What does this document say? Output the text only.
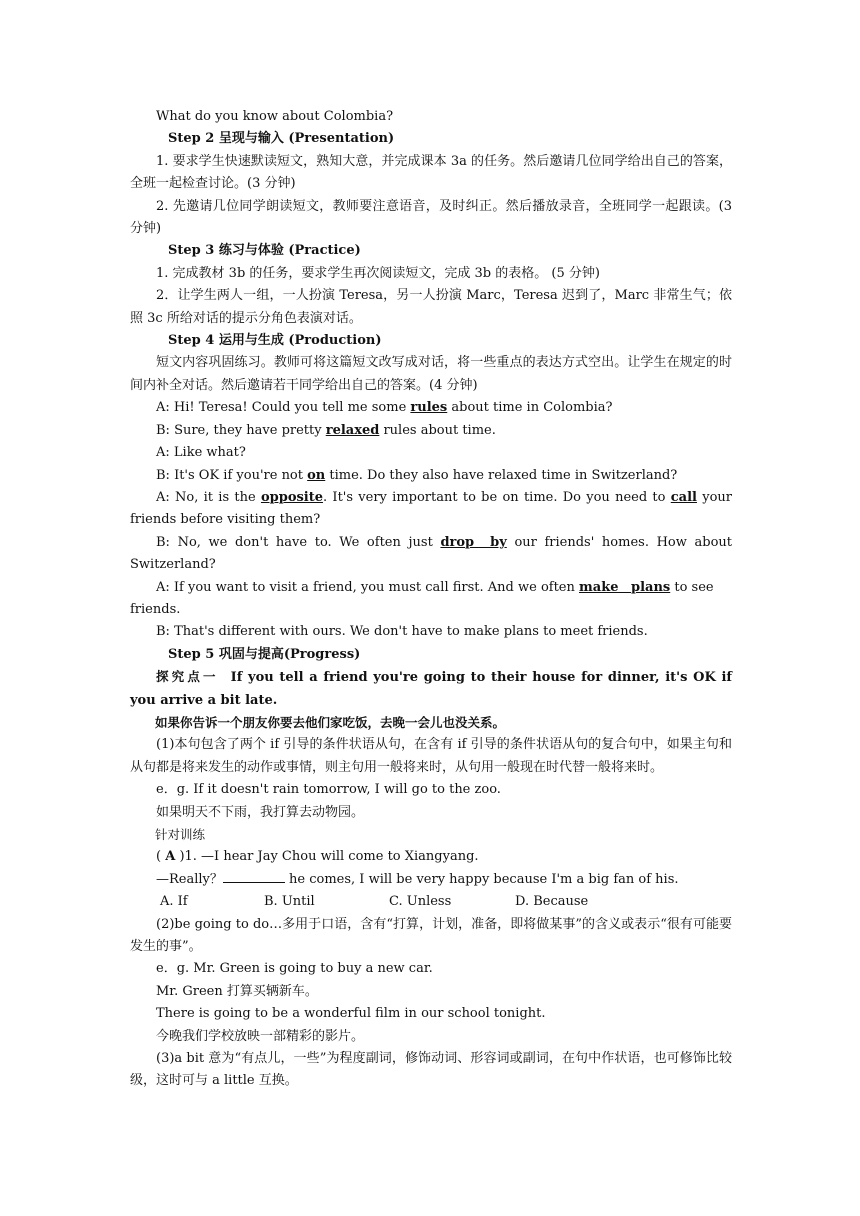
What do you know about Colombia?

Step 2 呈现与输入 (Presentation)

1. 要求学生快速默读短文，熟知大意，并完成课本 3a 的任务。然后邀请几位同学给出自己的答案，全班一起检查讨论。(3 分钟)

2. 先邀请几位同学朗读短文，教师要注意语音，及时纠正。然后播放录音，全班同学一起跟读。(3 分钟)

Step 3 练习与体验 (Practice)

1. 完成教材 3b 的任务，要求学生再次阅读短文，完成 3b 的表格。 (5 分钟)

2．让学生两人一组，一人扮演 Teresa，另一人扮演 Marc，Teresa 迟到了，Marc 非常生气；依照 3c 所给对话的提示分角色表演对话。

Step 4 运用与生成 (Production)

短文内容巩固练习。教师可将这篇短文改写成对话，将一些重点的表达方式空出。让学生在规定的时间内补全对话。然后邀请若干同学给出自己的答案。(4 分钟)

A: Hi! Teresa! Could you tell me some rules about time in Colombia?

B: Sure, they have pretty relaxed rules about time.

A: Like what?

B: It's OK if you're not on time. Do they also have relaxed time in Switzerland?

A: No, it is the opposite. It's very important to be on time. Do you need to call your friends before visiting them?

B: No, we don't have to. We often just drop by our friends' homes. How about Switzerland?

A: If you want to visit a friend, you must call first. And we often make plans to see friends.

B: That's different with ours. We don't have to make plans to meet friends.

Step 5 巩固与提高(Progress)

探究点一 If you tell a friend you're going to their house for dinner, it's OK if you arrive a bit late.

如果你告诉一个朋友你要去他们家吃饭，去晚一会儿也没关系。

(1)本句包含了两个 if 引导的条件状语从句，在含有 if 引导的条件状语从句的复合句中，如果主句和从句都是将来发生的动作或事情，则主句用一般将来时，从句用一般现在时代替一般将来时。

e．g. If it doesn't rain tomorrow, I will go to the zoo.

如果明天不下雨，我打算去动物园。

针对训练

( A )1. —I hear Jay Chou will come to Xiangyang.

—Really？	he comes, I will be very happy because I'm a big fan of his.

A. If	B. Until	C. Unless	D. Because

(2)be going to do…多用于口语，含有“打算，计划，准备，即将做某事”的含义或表示“很有可能要发生的事”。

e．g. Mr. Green is going to buy a new car.

Mr. Green 打算买辆新车。

There is going to be a wonderful film in our school tonight.

今晚我们学校放映一部精彩的影片。

(3)a bit 意为“有点儿，一些”为程度副词，修饰动词、形容词或副词，在句中作状语，也可修饰比较级，这时可与 a little 互换。
